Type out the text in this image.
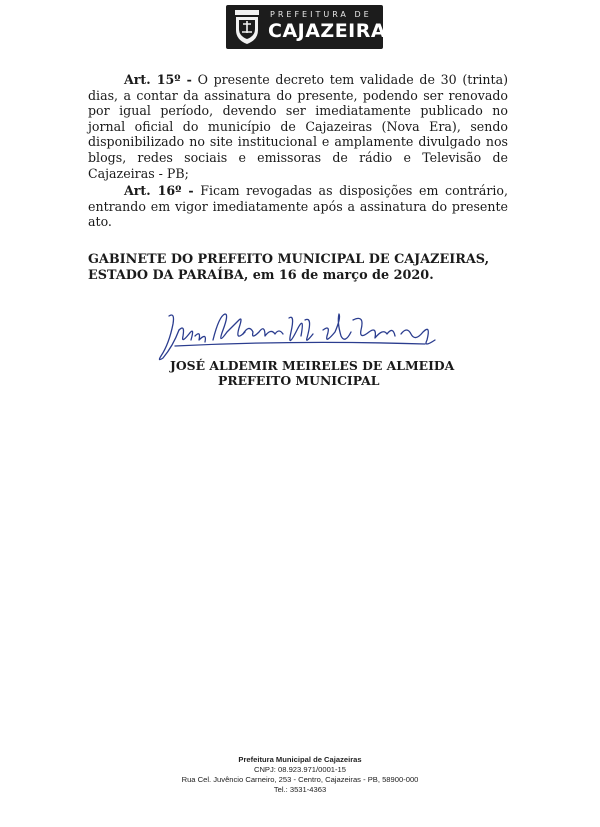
PREFEITURA DE
CAJAZEIRAS

Art. 15º - O presente decreto tem validade de 30 (trinta) dias, a contar da assinatura do presente, podendo ser renovado por igual período, devendo ser imediatamente publicado no jornal oficial do município de Cajazeiras (Nova Era), sendo disponibilizado no site institucional e amplamente divulgado nos blogs, redes sociais e emissoras de rádio e Televisão de Cajazeiras - PB;

Art. 16º - Ficam revogadas as disposições em contrário, entrando em vigor imediatamente após a assinatura do presente ato.

GABINETE DO PREFEITO MUNICIPAL DE CAJAZEIRAS, ESTADO DA PARAÍBA, em 16 de março de 2020.

JOSÉ ALDEMIR MEIRELES DE ALMEIDA
PREFEITO MUNICIPAL
Prefeitura Municipal de Cajazeiras
CNPJ: 08.923.971/0001-15
Rua Cel. Juvêncio Carneiro, 253 - Centro, Cajazeiras - PB, 58900-000
Tel.: 3531-4363
